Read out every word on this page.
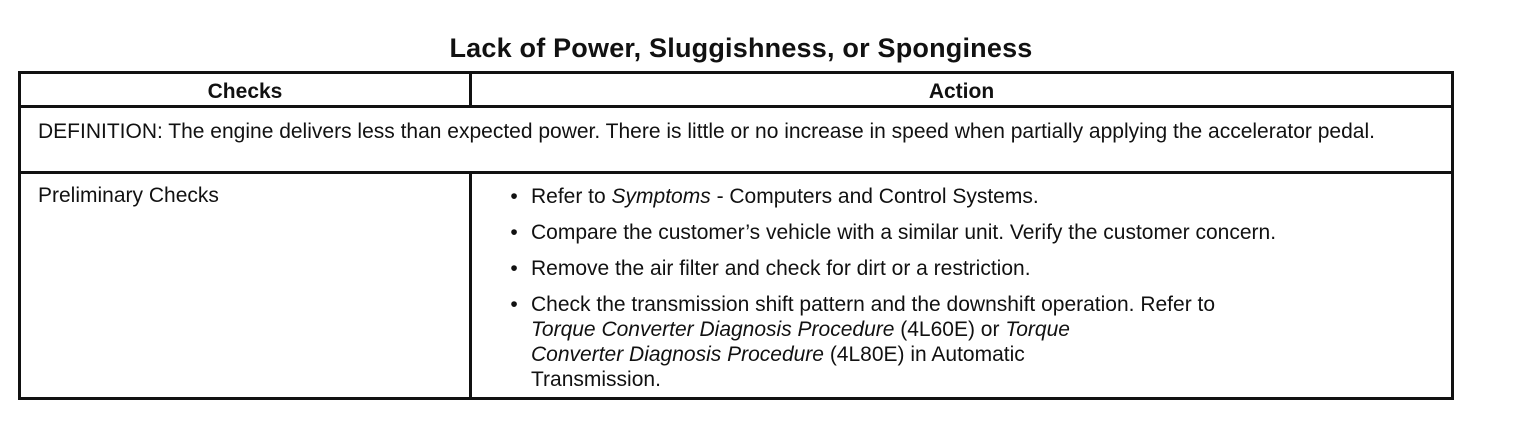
Lack of Power, Sluggishness, or Sponginess
Checks	Action
DEFINITION: The engine delivers less than expected power. There is little or no increase in speed when partially applying the accelerator pedal.
Preliminary Checks	• Refer to Symptoms - Computers and Control Systems.
• Compare the customer’s vehicle with a similar unit. Verify the customer concern.
• Remove the air filter and check for dirt or a restriction.
• Check the transmission shift pattern and the downshift operation. Refer to
Torque Converter Diagnosis Procedure (4L60E) or Torque
Converter Diagnosis Procedure (4L80E) in Automatic
Transmission.
